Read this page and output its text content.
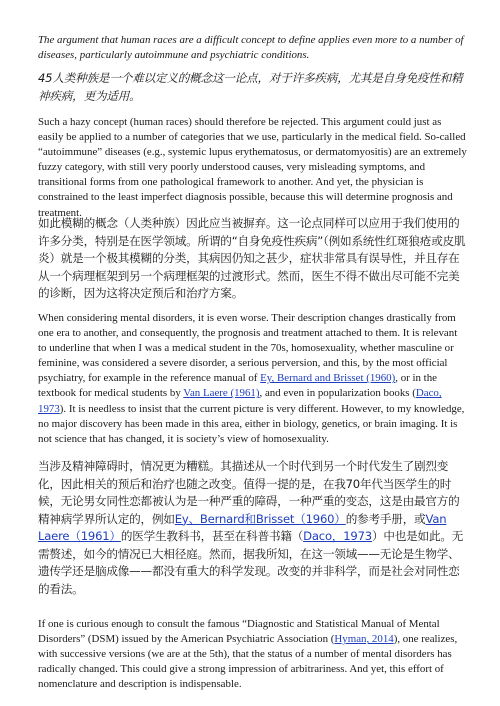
The argument that human races are a difficult concept to define applies even more to a number of diseases, particularly autoimmune and psychiatric conditions.

45人类种族是一个难以定义的概念这一论点，对于许多疾病，尤其是自身免疫性和精神疾病，更为适用。

Such a hazy concept (human races) should therefore be rejected. This argument could just as easily be applied to a number of categories that we use, particularly in the medical field. So-called “autoimmune” diseases (e.g., systemic lupus erythematosus, or dermatomyositis) are an extremely fuzzy category, with still very poorly understood causes, very misleading symptoms, and transitional forms from one pathological framework to another. And yet, the physician is constrained to the least imperfect diagnosis possible, because this will determine prognosis and treatment.

如此模糊的概念（人类种族）因此应当被摒弃。这一论点同样可以应用于我们使用的许多分类，特别是在医学领域。所谓的“自身免疫性疾病”（例如系统性红斑狼疮或皮肌炎）就是一个极其模糊的分类，其病因仍知之甚少，症状非常具有误导性，并且存在从一个病理框架到另一个病理框架的过渡形式。然而，医生不得不做出尽可能不完美的诊断，因为这将决定预后和治疗方案。

When considering mental disorders, it is even worse. Their description changes drastically from one era to another, and consequently, the prognosis and treatment attached to them. It is relevant to underline that when I was a medical student in the 70s, homosexuality, whether masculine or feminine, was considered a severe disorder, a serious perversion, and this, by the most official psychiatry, for example in the reference manual of Ey, Bernard and Brisset (1960), or in the textbook for medical students by Van Laere (1961), and even in popularization books (Daco, 1973). It is needless to insist that the current picture is very different. However, to my knowledge, no major discovery has been made in this area, either in biology, genetics, or brain imaging. It is not science that has changed, it is society’s view of homosexuality.

当涉及精神障碍时，情况更为糟糕。其描述从一个时代到另一个时代发生了剧烈变化，因此相关的预后和治疗也随之改变。值得一提的是，在我70年代当医学生的时候，无论男女同性恋都被认为是一种严重的障碍，一种严重的变态，这是由最官方的精神病学界所认定的，例如Ey、Bernard和Brisset（1960）的参考手册，或Van Laere（1961）的医学生教科书，甚至在科普书籍（Daco，1973）中也是如此。无需赘述，如今的情况已大相径庭。然而，据我所知，在这一领域——无论是生物学、遗传学还是脑成像——都没有重大的科学发现。改变的并非科学，而是社会对同性恋的看法。

If one is curious enough to consult the famous “Diagnostic and Statistical Manual of Mental Disorders” (DSM) issued by the American Psychiatric Association (Hyman, 2014), one realizes, with successive versions (we are at the 5th), that the status of a number of mental disorders has radically changed. This could give a strong impression of arbitrariness. And yet, this effort of nomenclature and description is indispensable.
